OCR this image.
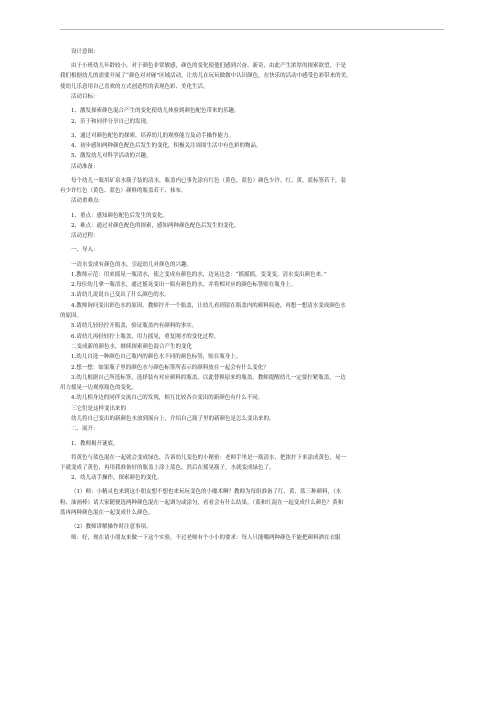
设计意图：
由于小班幼儿年龄较小，对于颜色非常敏感，颜色的变化使他们感到兴奋、新奇，由此产生浓厚的探索欲望，于是
我们根据幼儿的需要开展了“颜色对对碰”区域活动，让幼儿在玩玩做做中认识颜色，在快乐的活动中感受色彩带来的美，
使幼儿乐意用自己喜欢的方式创造性的表现色彩、美化生活。
活动目标：
1、激发探索颜色混合产生的变化使幼儿体验到颜色配色带来的乐趣。
2、乐于和同伴分享自己的发现。
3、通过对颜色配色的探索，培养幼儿的观察能力及动手操作能力。
4、初步感知两种颜色配色后发生的变化，积极关注周围生活中有色彩的物品。
5、激发幼儿对科学活动的兴趣。
活动准备：
每个幼儿一瓶用矿泉水瓶子装的清水，瓶盖内已事先涂有红色（黄色、蓝色）颜色少许、红、黄、蓝标签若干，装
有少许红色（黄色、蓝色）颜料的瓶盖若干、抹布。
活动重难点：
1、重点：感知颜色配色后发生的变化。
2、难点：通过对颜色配色的探索，感知两种颜色配色后发生的变化。
活动过程：
一、导入：
一清水变成有颜色的水，引起幼儿对颜色的兴趣。
1.教师示范：用来摇晃一瓶清水，使之变成有颜色的水，边晃边念：“摇摇摇，变变变，清水变出颜色来。”
2.每位幼儿拿一瓶清水，通过摇晃变出一瓶有颜色的水，并将相对应的颜色标签贴在瓶身上。
3.请幼儿说说自己变出了什么颜色的水。
4.教师询问变出彩色水的原因。教师拧开一个瓶盖，让幼儿看到留在瓶盖内的颜料痕迹，再想一想清水变成颜色水
的原因。
5.请幼儿轻轻拧开瓶盖，验证瓶盖内有颜料的事实。
6.请幼儿再轻轻拧上瓶盖，用力摇晃，重复刚才的变化过程。
二变成新的颜色水，继续探索颜色混合产生的变化
1.幼儿自选一种颜色自己瓶内的颜色水不同的颜色标签，贴在瓶身上。
2.想一想：如果瓶子里的颜色水与颜色标签所表示的颜料放在一起会有什么变化？
3.幼儿根据自己所选标签，选择装有对应颜料的瓶盖，以此替换原来的瓶盖。教师提醒幼儿一定要拧紧瓶盖，一边
用力摇晃一边观察瓶色的变化。
4.幼儿相身边的同伴交流自己的发现，相互比较各自变出的新颜色有什么不同。
三它们是这样变出来的
幼儿将自己变出的新颜色水放到展台上，介绍自己瓶子里的新颜色是怎么变出来的。
二、展开：
1、教师揭开谜底。
将黄色与蓝色混在一起就会变成绿色，告诉幼儿变色的小秘密：老师手里是一瓶清水，把浓拧下来涂成黄色，晃一
下就变成了黄色，再用我准备好的瓶盖上涂上蓝色，然后在摇晃瓶子，水就变成绿色了。
2、幼儿动手操作，探索颜色的变化。
（1）师：小精灵也来到这小朋友想不想也来玩玩变色的小魔术啊？教师为每组准备了红、黄、蓝三种颜料，（水
粉、油画棒）请大家随便选两种颜色混在一起调匀或涂匀，看看会有什么结果。（蓝和红混在一起变成什么颜色？黄和
蓝再两种颜色混在一起变成什么颜色。
（2）教师讲解操作时注意事项。
师：好，现在请小朋友来做一下这个实验，不过老师有个小小的要求：每人只能哪两种颜色不能把颜料洒在衣服
